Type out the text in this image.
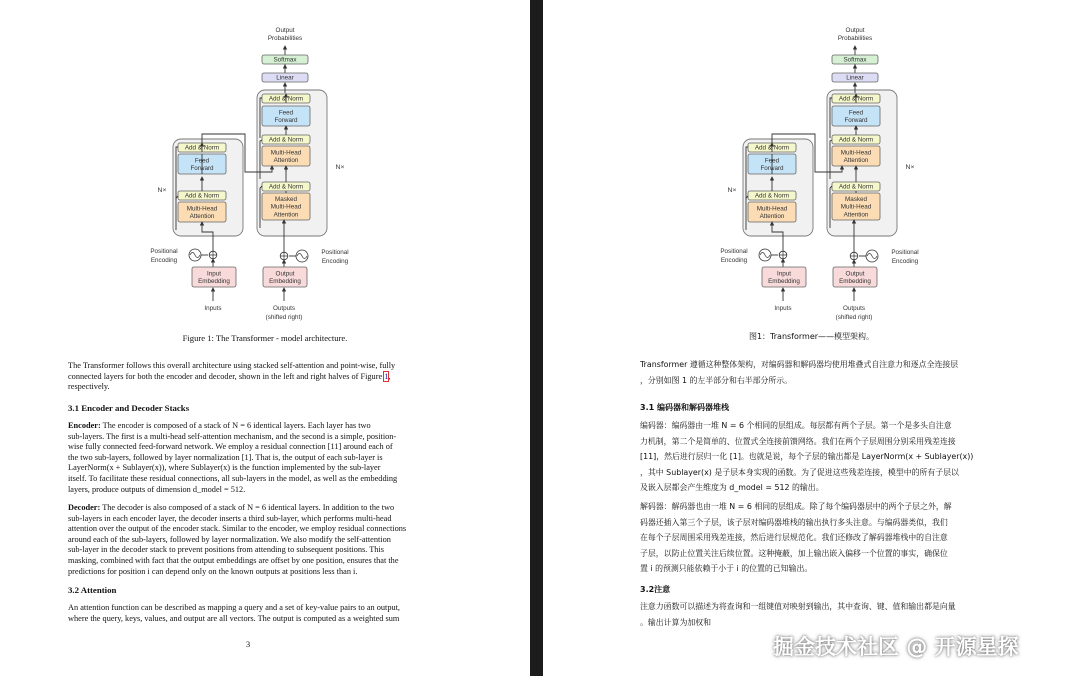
Output
Probabilities
Softmax
Linear
Add & Norm
Feed
Forward
Add & Norm
Multi-Head
Attention
Add & Norm
Masked
Multi-Head
Attention
Add & Norm
Feed
Forward
Add & Norm
Multi-Head
Attention
N×
N×
Positional
Encoding
Positional
Encoding
Input
Embedding
Output
Embedding
Inputs	Outputs
(shifted right)
Figure 1: The Transformer - model architecture.

The Transformer follows this overall architecture using stacked self-attention and point-wise, fully

connected layers for both the encoder and decoder, shown in the left and right halves of Figure 1,

respectively.

3.1 Encoder and Decoder Stacks

Encoder: The encoder is composed of a stack of N = 6 identical layers. Each layer has two

sub-layers. The first is a multi-head self-attention mechanism, and the second is a simple, position-

wise fully connected feed-forward network. We employ a residual connection [11] around each of

the two sub-layers, followed by layer normalization [1]. That is, the output of each sub-layer is

LayerNorm(x + Sublayer(x)), where Sublayer(x) is the function implemented by the sub-layer

itself. To facilitate these residual connections, all sub-layers in the model, as well as the embedding

layers, produce outputs of dimension d_model = 512.

Decoder: The decoder is also composed of a stack of N = 6 identical layers. In addition to the two

sub-layers in each encoder layer, the decoder inserts a third sub-layer, which performs multi-head

attention over the output of the encoder stack. Similar to the encoder, we employ residual connections

around each of the sub-layers, followed by layer normalization. We also modify the self-attention

sub-layer in the decoder stack to prevent positions from attending to subsequent positions. This

masking, combined with fact that the output embeddings are offset by one position, ensures that the

predictions for position i can depend only on the known outputs at positions less than i.

3.2 Attention

An attention function can be described as mapping a query and a set of key-value pairs to an output,

where the query, keys, values, and output are all vectors. The output is computed as a weighted sum

3
Output
Probabilities
Softmax
Linear
Add & Norm
Feed
Forward
Add & Norm
Multi-Head
Attention
Add & Norm
Masked
Multi-Head
Attention
Add & Norm
Feed
Forward
Add & Norm
Multi-Head
Attention
N×
N×
Positional
Encoding
Positional
Encoding
Input
Embedding
Output
Embedding
Inputs	Outputs
(shifted right)
图1：Transformer——模型架构。
Transformer 遵循这种整体架构，对编码器和解码器均使用堆叠式自注意力和逐点全连接层
，分别如图 1 的左半部分和右半部分所示。
3.1 编码器和解码器堆栈
编码器：编码器由一堆 N = 6 个相同的层组成。每层都有两个子层。第一个是多头自注意
力机制，第二个是简单的、位置式全连接前馈网络。我们在两个子层周围分别采用残差连接
[11]，然后进行层归一化 [1]。也就是说，每个子层的输出都是 LayerNorm(x + Sublayer(x))
，其中 Sublayer(x) 是子层本身实现的函数。为了促进这些残差连接，模型中的所有子层以
及嵌入层都会产生维度为 d_model = 512 的输出。
解码器：解码器也由一堆 N = 6 相同的层组成。除了每个编码器层中的两个子层之外，解
码器还插入第三个子层，该子层对编码器堆栈的输出执行多头注意。与编码器类似，我们
在每个子层周围采用残差连接，然后进行层规范化。我们还修改了解码器堆栈中的自注意
子层，以防止位置关注后续位置。这种掩蔽，加上输出嵌入偏移一个位置的事实，确保位
置 i 的预测只能依赖于小于 i 的位置的已知输出。
3.2注意
注意力函数可以描述为将查询和一组键值对映射到输出，其中查询、键、值和输出都是向量
。输出计算为加权和
掘金技术社区 @ 开源星探
